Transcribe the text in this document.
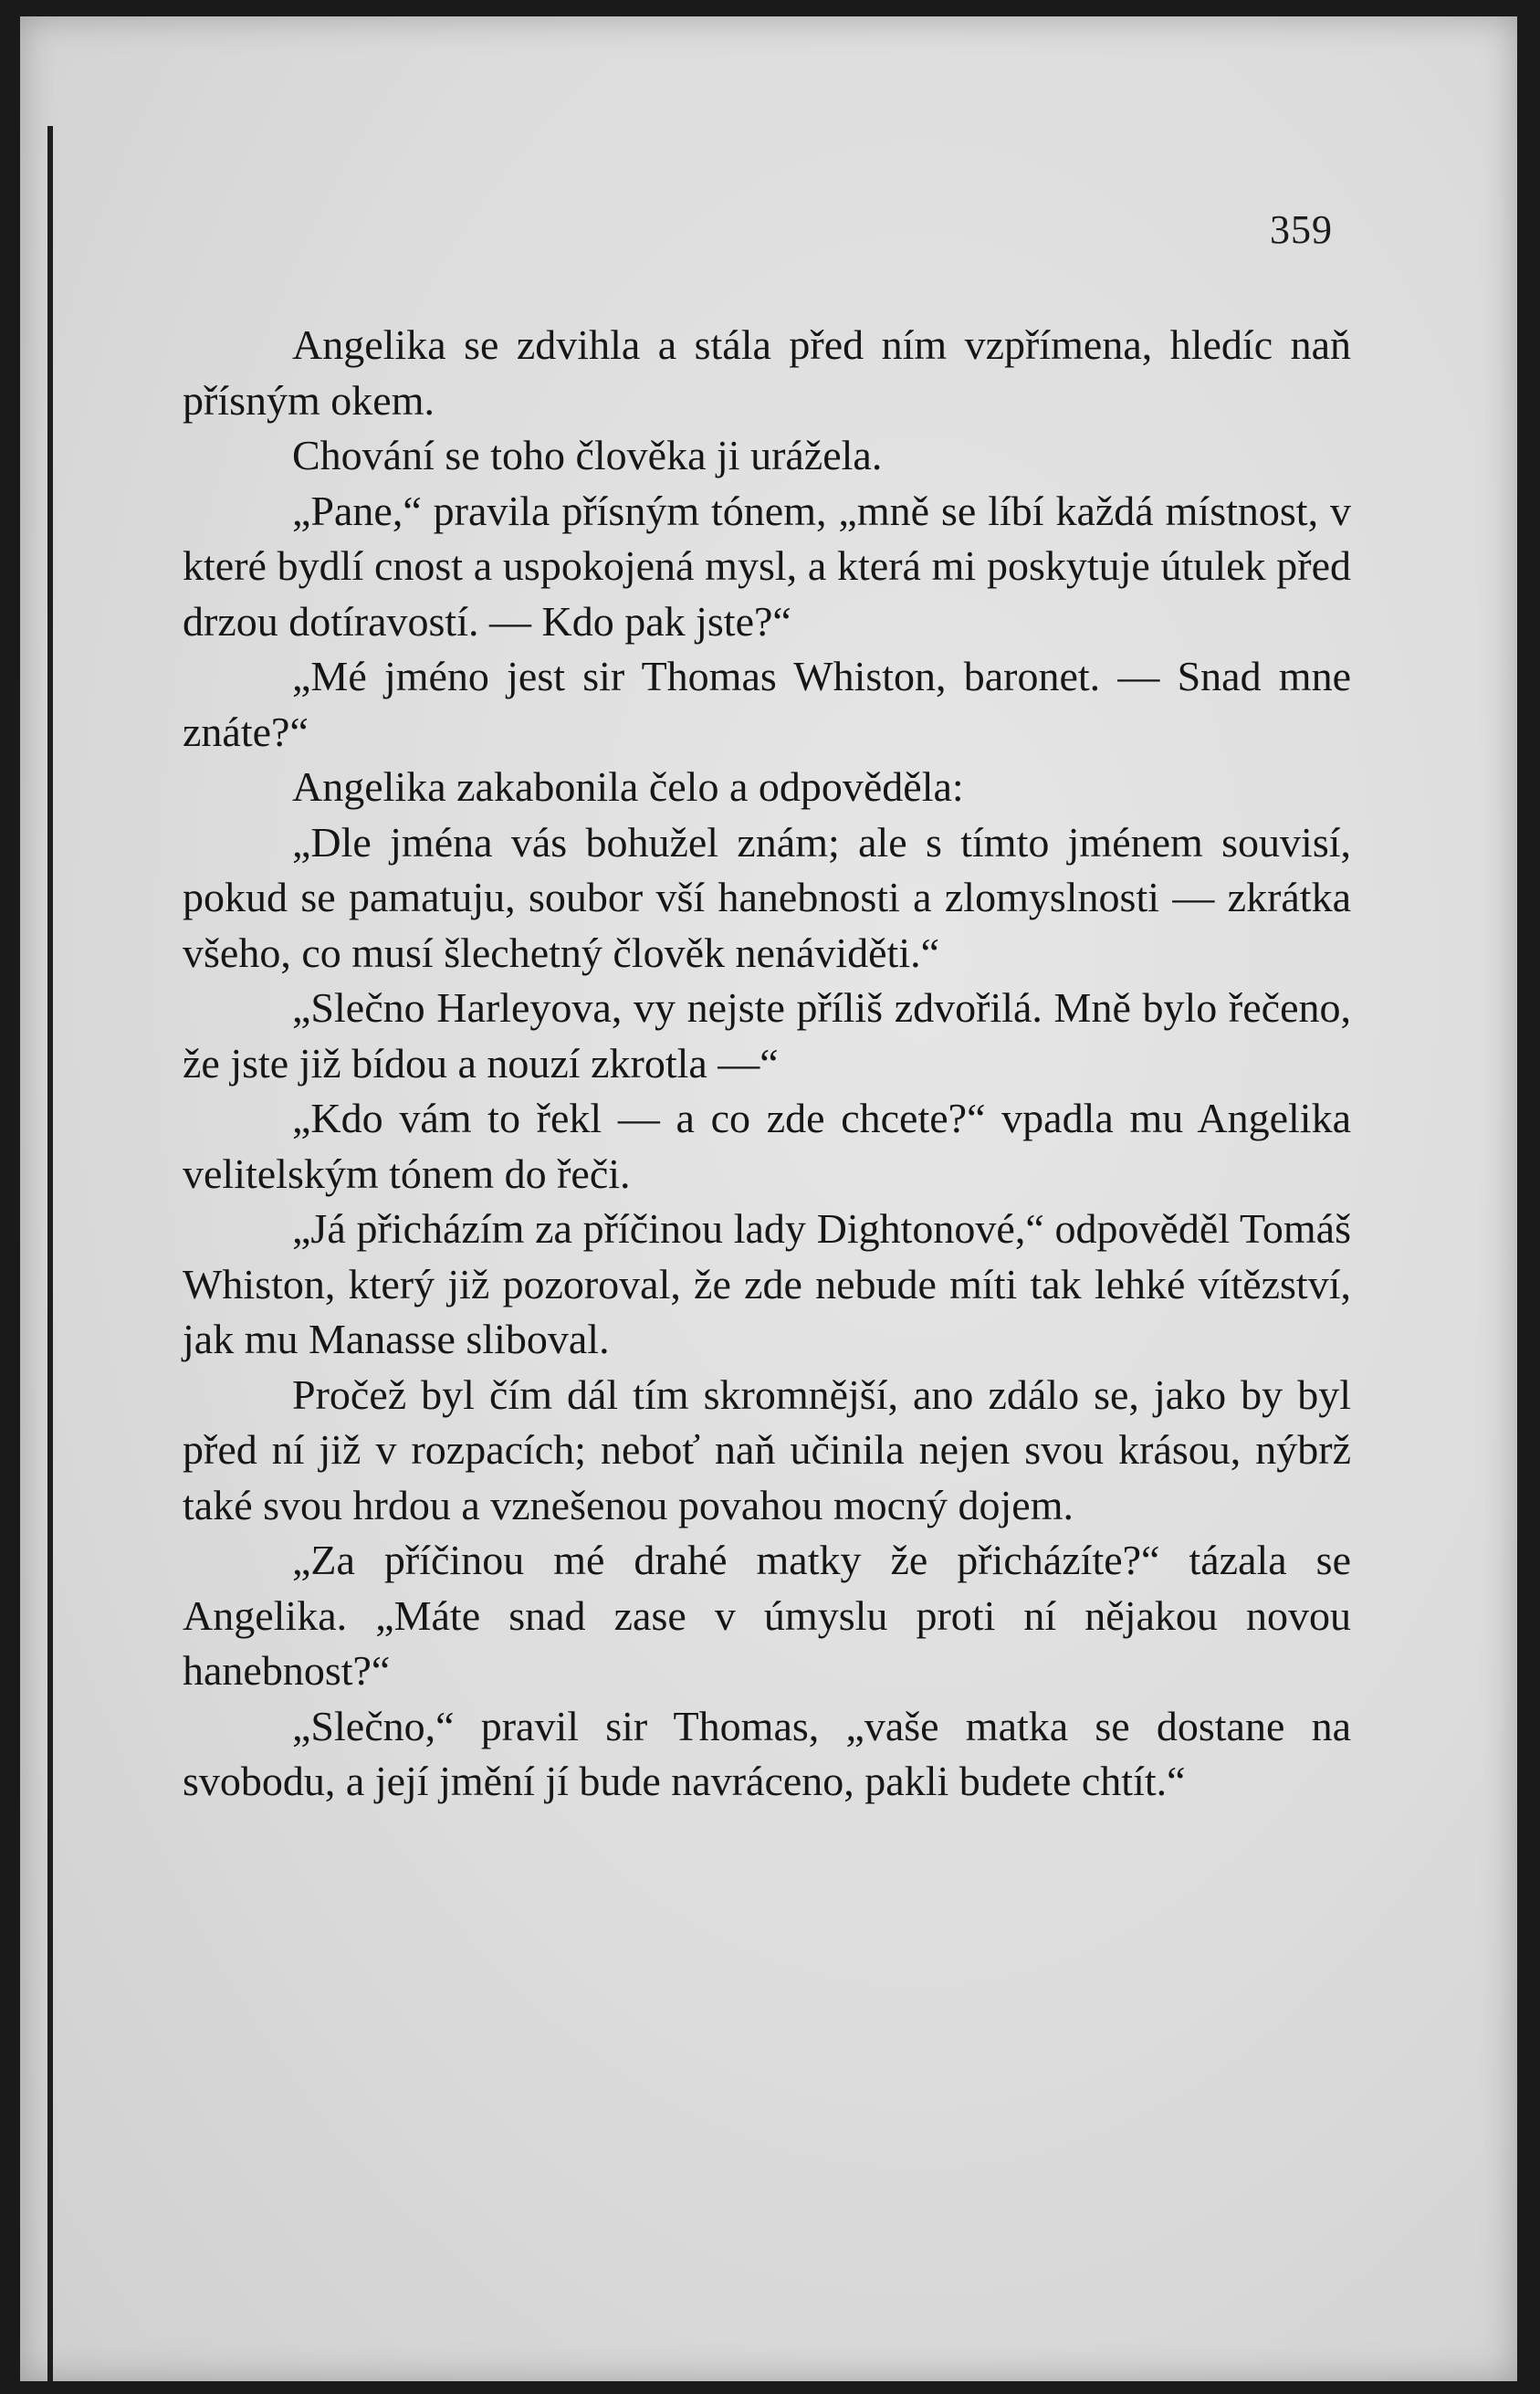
359

Angelika se zdvihla a stála před ním vzpřímena, hledíc naň přísným okem.

Chování se toho člověka ji urážela.

„Pane,“ pravila přísným tónem, „mně se líbí každá místnost, v které bydlí cnost a uspokojená mysl, a která mi poskytuje útulek před drzou dotíravostí. — Kdo pak jste?“

„Mé jméno jest sir Thomas Whiston, baronet. — Snad mne znáte?“

Angelika zakabonila čelo a odpověděla:

„Dle jména vás bohužel znám; ale s tímto jménem souvisí, pokud se pamatuju, soubor vší hanebnosti a zlomyslnosti — zkrátka všeho, co musí šlechetný člověk nenáviděti.“

„Slečno Harleyova, vy nejste příliš zdvořilá. Mně bylo řečeno, že jste již bídou a nouzí zkrotla —“

„Kdo vám to řekl — a co zde chcete?“ vpadla mu Angelika velitelským tónem do řeči.

„Já přicházím za příčinou lady Dightonové,“ odpověděl Tomáš Whiston, který již pozoroval, že zde nebude míti tak lehké vítězství, jak mu Manasse sliboval.

Pročež byl čím dál tím skromnější, ano zdálo se, jako by byl před ní již v rozpacích; neboť naň učinila nejen svou krásou, nýbrž také svou hrdou a vznešenou povahou mocný dojem.

„Za příčinou mé drahé matky že přicházíte?“ tázala se Angelika. „Máte snad zase v úmyslu proti ní nějakou novou hanebnost?“

„Slečno,“ pravil sir Thomas, „vaše matka se dostane na svobodu, a její jmění jí bude navráceno, pakli budete chtít.“
